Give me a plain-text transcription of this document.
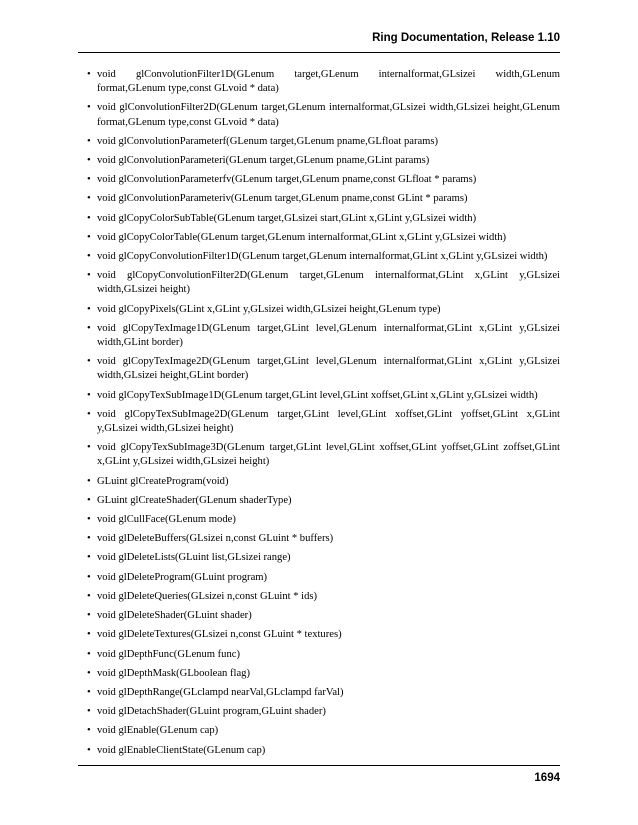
Ring Documentation, Release 1.10
• void glConvolutionFilter1D(GLenum target,GLenum internalformat,GLsizei width,GLenum format,GLenum type,const GLvoid * data)
• void glConvolutionFilter2D(GLenum target,GLenum internalformat,GLsizei width,GLsizei height,GLenum format,GLenum type,const GLvoid * data)
• void glConvolutionParameterf(GLenum target,GLenum pname,GLfloat params)
• void glConvolutionParameteri(GLenum target,GLenum pname,GLint params)
• void glConvolutionParameterfv(GLenum target,GLenum pname,const GLfloat * params)
• void glConvolutionParameteriv(GLenum target,GLenum pname,const GLint * params)
• void glCopyColorSubTable(GLenum target,GLsizei start,GLint x,GLint y,GLsizei width)
• void glCopyColorTable(GLenum target,GLenum internalformat,GLint x,GLint y,GLsizei width)
• void glCopyConvolutionFilter1D(GLenum target,GLenum internalformat,GLint x,GLint y,GLsizei width)
• void glCopyConvolutionFilter2D(GLenum target,GLenum internalformat,GLint x,GLint y,GLsizei width,GLsizei height)
• void glCopyPixels(GLint x,GLint y,GLsizei width,GLsizei height,GLenum type)
• void glCopyTexImage1D(GLenum target,GLint level,GLenum internalformat,GLint x,GLint y,GLsizei width,GLint border)
• void glCopyTexImage2D(GLenum target,GLint level,GLenum internalformat,GLint x,GLint y,GLsizei width,GLsizei height,GLint border)
• void glCopyTexSubImage1D(GLenum target,GLint level,GLint xoffset,GLint x,GLint y,GLsizei width)
• void glCopyTexSubImage2D(GLenum target,GLint level,GLint xoffset,GLint yoffset,GLint x,GLint y,GLsizei width,GLsizei height)
• void glCopyTexSubImage3D(GLenum target,GLint level,GLint xoffset,GLint yoffset,GLint zoffset,GLint x,GLint y,GLsizei width,GLsizei height)
• GLuint glCreateProgram(void)
• GLuint glCreateShader(GLenum shaderType)
• void glCullFace(GLenum mode)
• void glDeleteBuffers(GLsizei n,const GLuint * buffers)
• void glDeleteLists(GLuint list,GLsizei range)
• void glDeleteProgram(GLuint program)
• void glDeleteQueries(GLsizei n,const GLuint * ids)
• void glDeleteShader(GLuint shader)
• void glDeleteTextures(GLsizei n,const GLuint * textures)
• void glDepthFunc(GLenum func)
• void glDepthMask(GLboolean flag)
• void glDepthRange(GLclampd nearVal,GLclampd farVal)
• void glDetachShader(GLuint program,GLuint shader)
• void glEnable(GLenum cap)
• void glEnableClientState(GLenum cap)
1694
